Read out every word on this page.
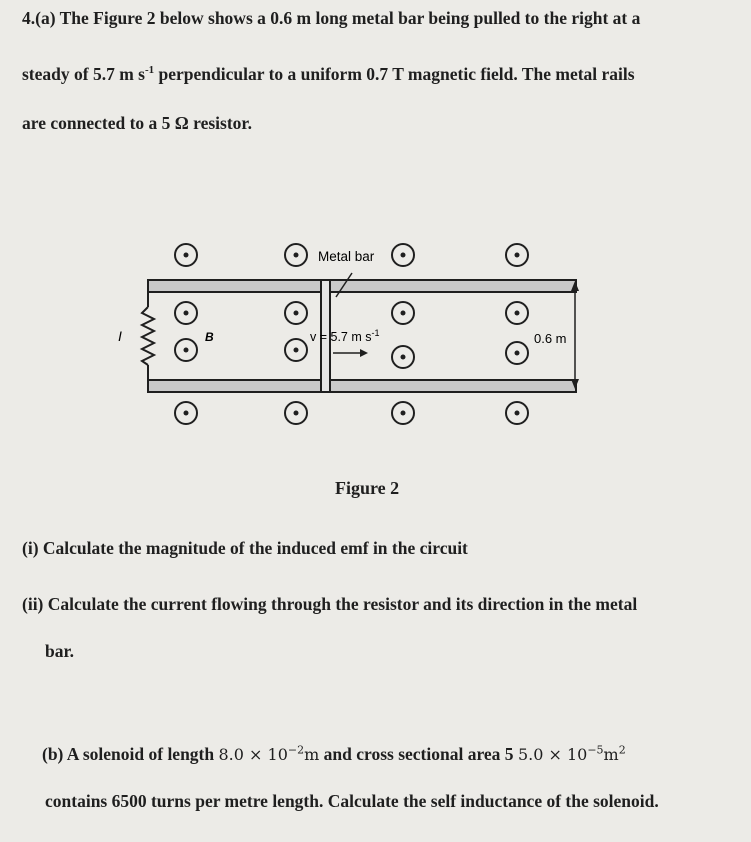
4.(a) The Figure 2 below shows a 0.6 m long metal bar being pulled to the right at a
steady of 5.7 m $s^{-1}$ perpendicular to a uniform 0.7 T magnetic field. The metal rails
are connected to a 5 Ω resistor.
I
Metal bar
B	v = 5.7 m $s^{-1}$	0.6 m
Figure 2
(i) Calculate the magnitude of the induced emf in the circuit
(ii) Calculate the current flowing through the resistor and its direction in the metal
bar.
(b) A solenoid of length $8.0 \times 10^{-2}m$ and cross sectional area 5 $5.0 \times 10^{-5}m^2$
contains 6500 turns per metre length. Calculate the self inductance of the solenoid.
